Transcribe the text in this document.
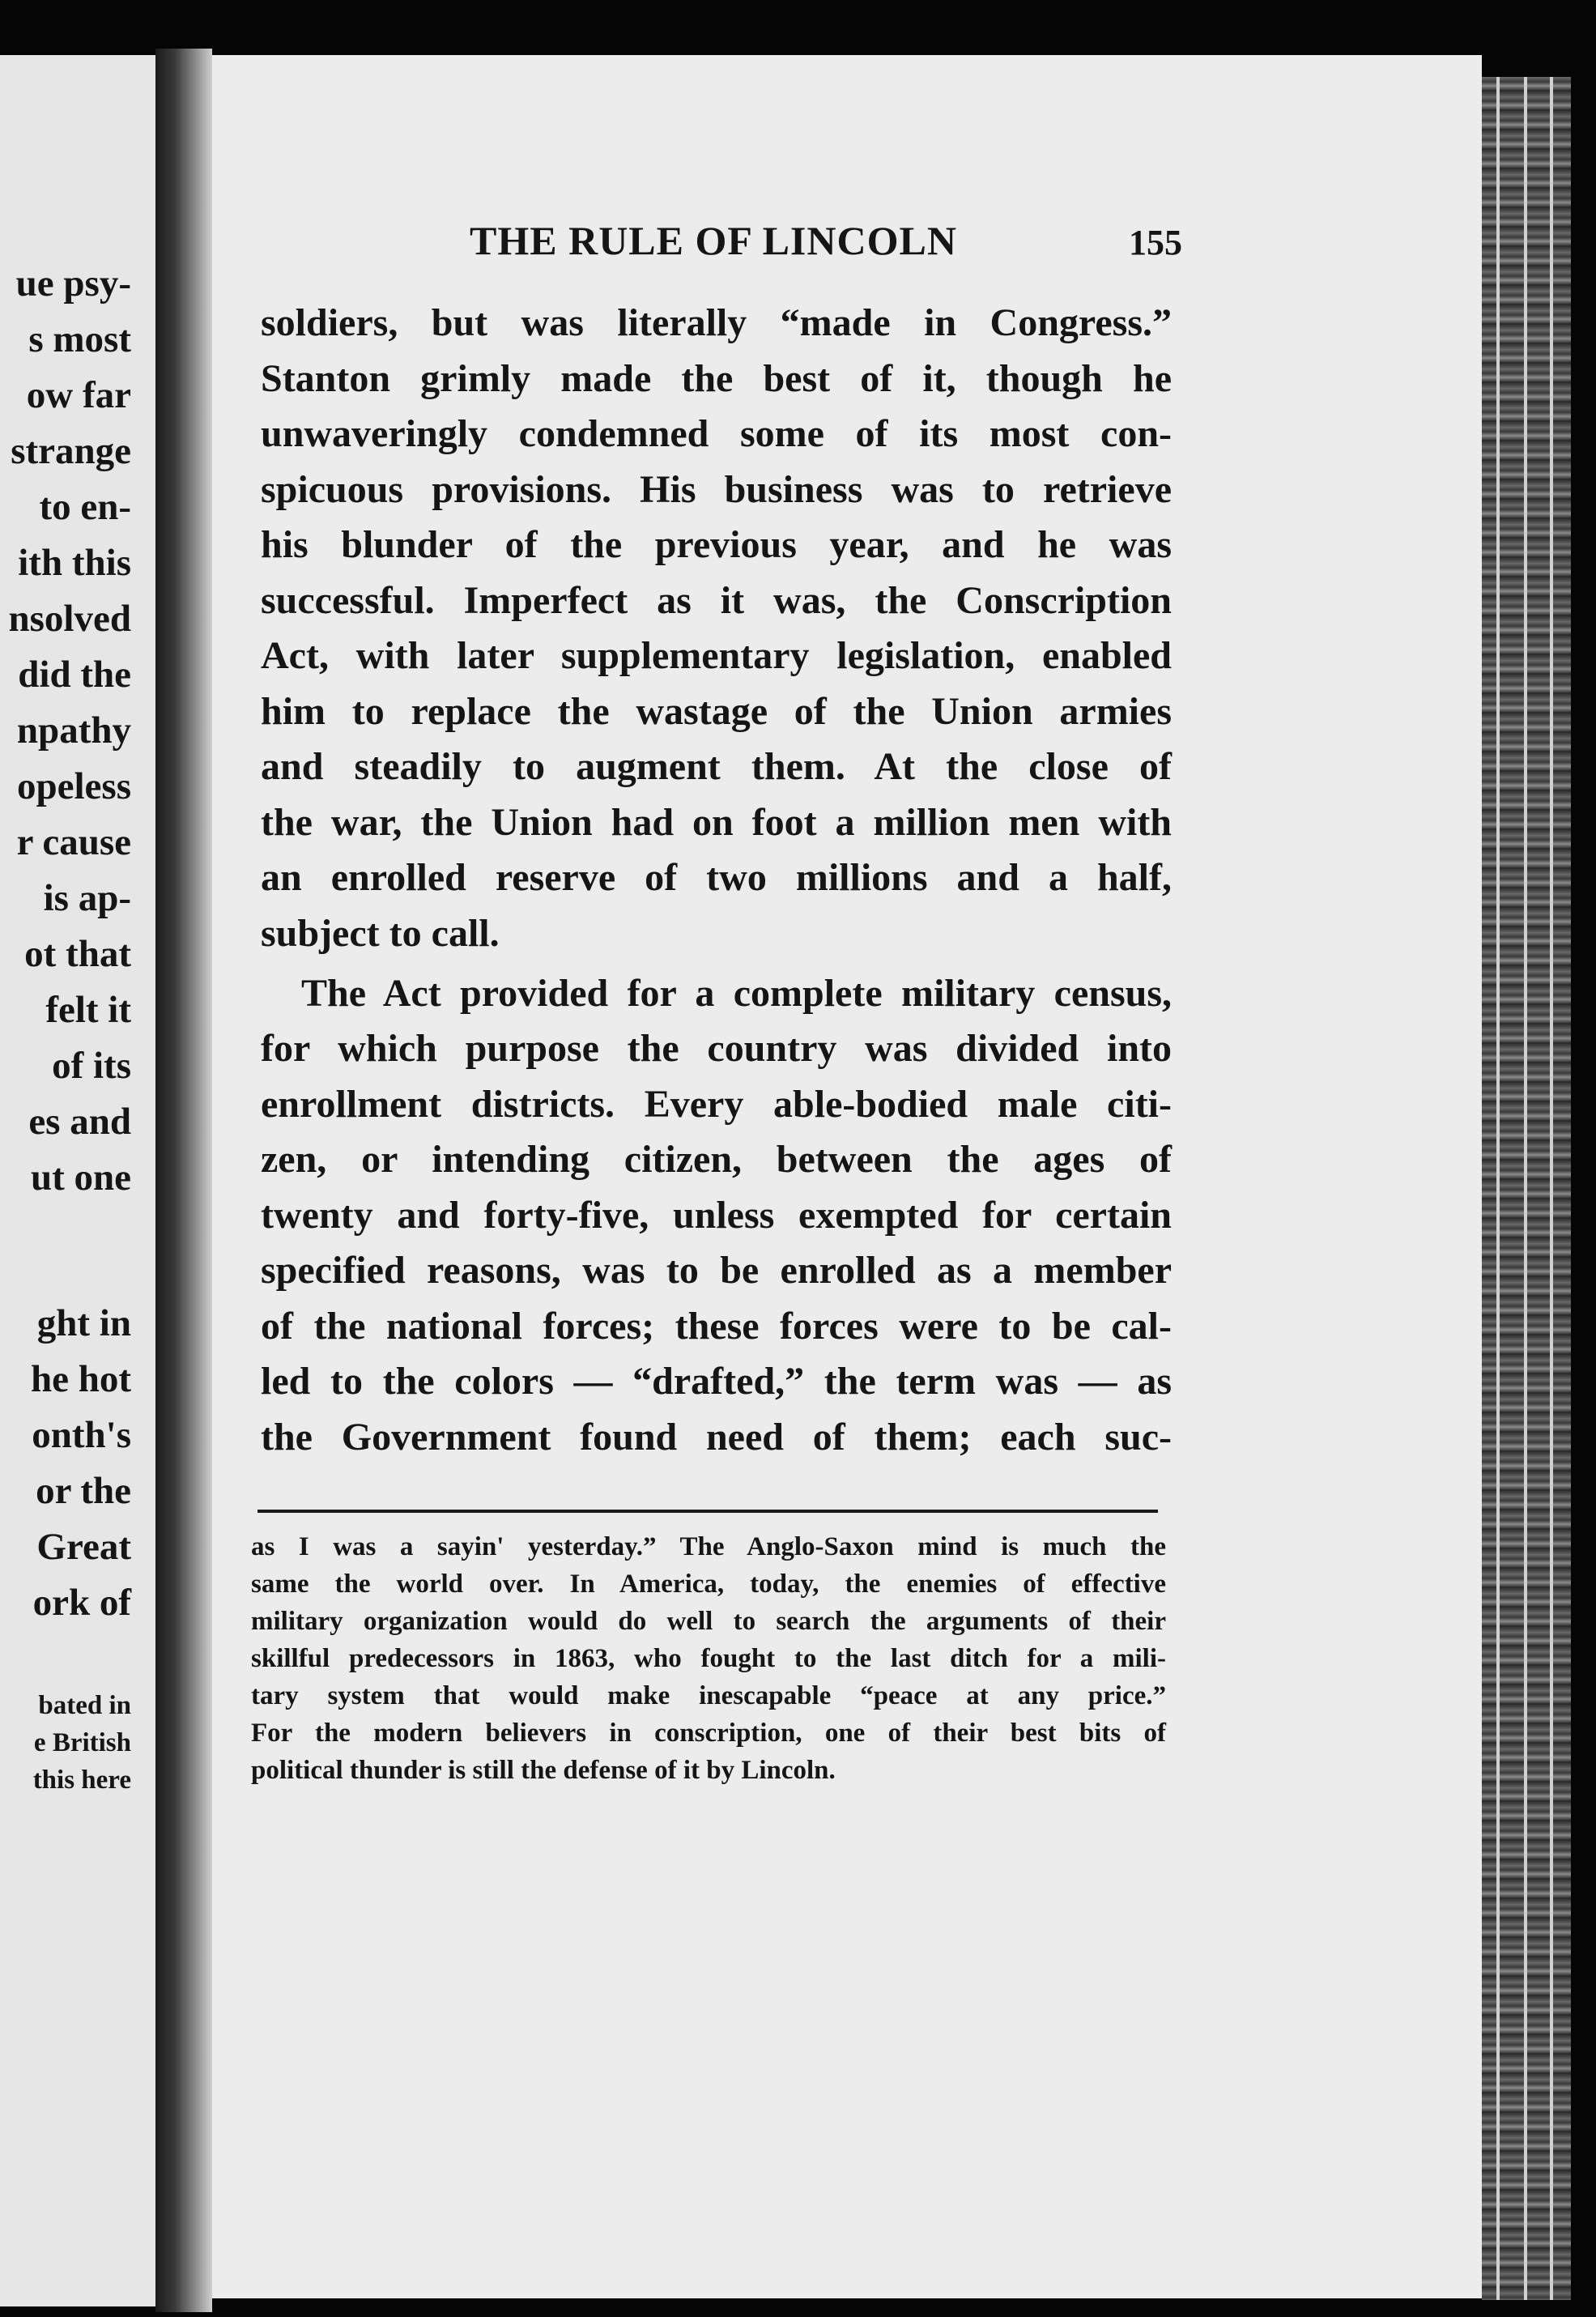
ue psy-
s most
ow far
strange
to en-
ith this
nsolved
did the
npathy
opeless
r cause
is ap-
ot that
felt it
of its
es and
ut one
ght in
he hot
onth's
or the
Great
ork of
bated in
e British
this here
THE RULE OF LINCOLN	155
soldiers, but was literally “made in Congress.”
Stanton grimly made the best of it, though he
unwaveringly condemned some of its most con-
spicuous provisions. His business was to retrieve
his blunder of the previous year, and he was
successful. Imperfect as it was, the Conscription
Act, with later supplementary legislation, enabled
him to replace the wastage of the Union armies
and steadily to augment them. At the close of
the war, the Union had on foot a million men with
an enrolled reserve of two millions and a half,
subject to call.
The Act provided for a complete military census,
for which purpose the country was divided into
enrollment districts. Every able-bodied male citi-
zen, or intending citizen, between the ages of
twenty and forty-five, unless exempted for certain
specified reasons, was to be enrolled as a member
of the national forces; these forces were to be cal-
led to the colors — “drafted,” the term was — as
the Government found need of them; each suc-
as I was a sayin' yesterday.” The Anglo-Saxon mind is much the
same the world over. In America, today, the enemies of effective
military organization would do well to search the arguments of their
skillful predecessors in 1863, who fought to the last ditch for a mili-
tary system that would make inescapable “peace at any price.”
For the modern believers in conscription, one of their best bits of
political thunder is still the defense of it by Lincoln.
